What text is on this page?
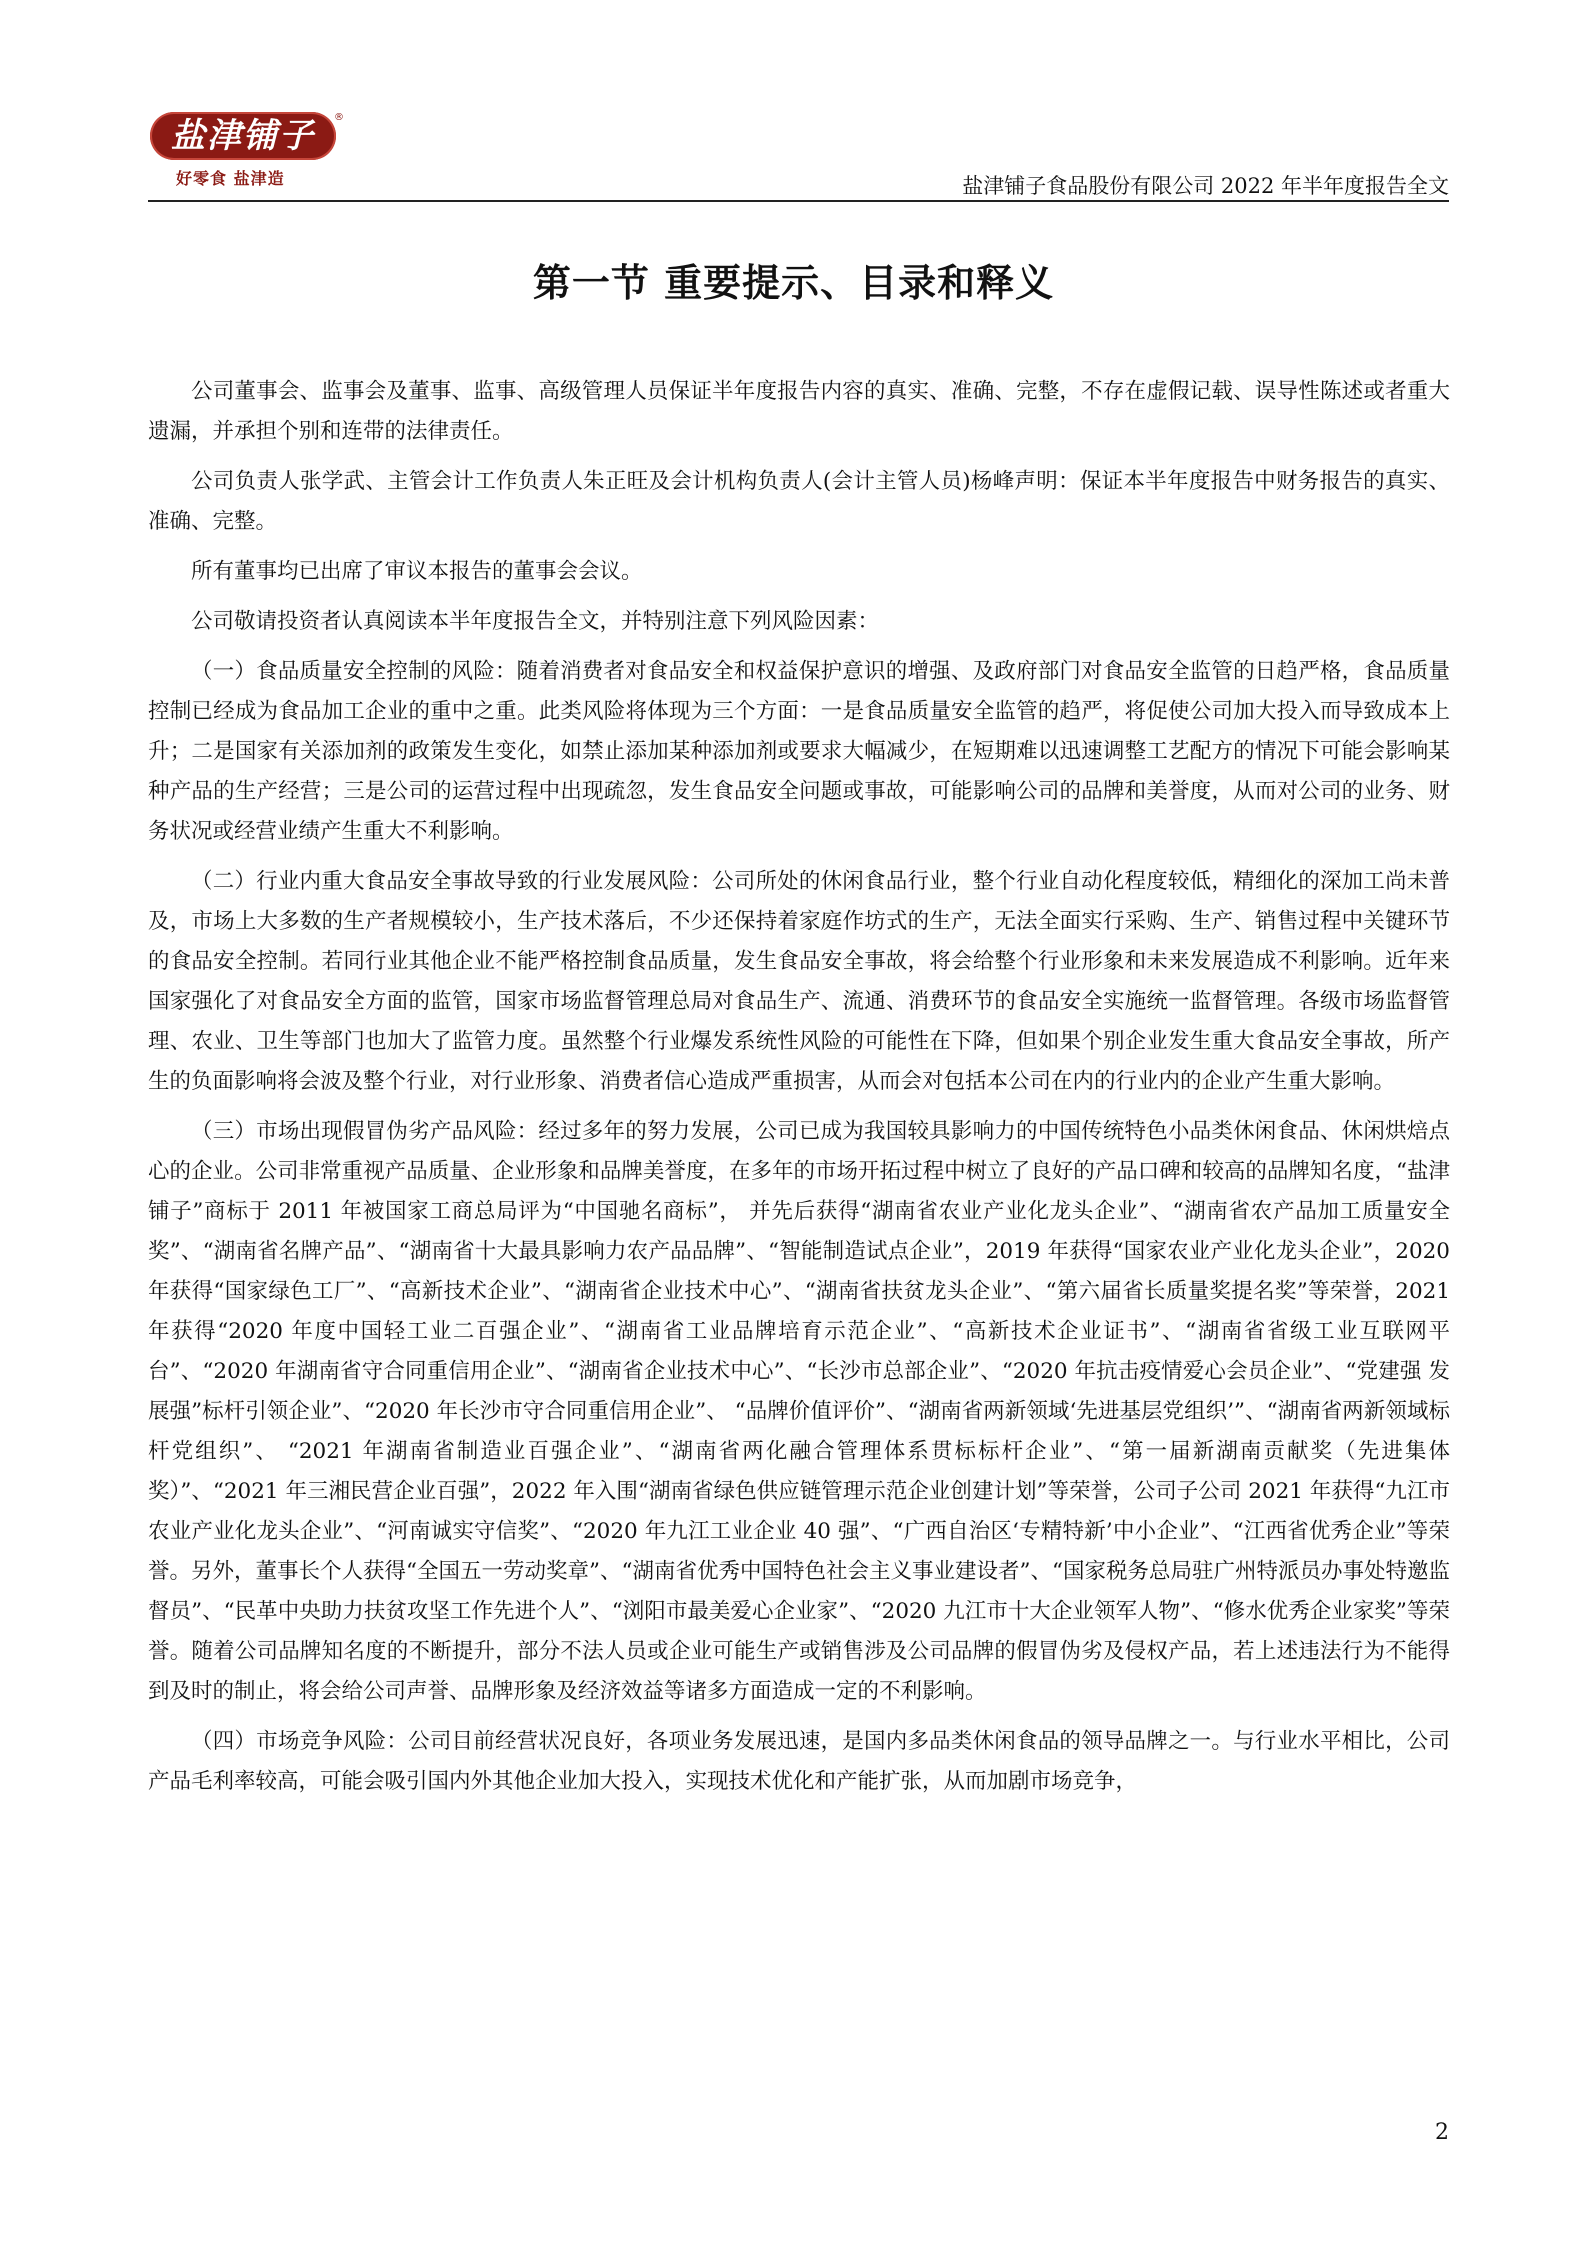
盐津铺子	®
好零食 盐津造	盐津铺子食品股份有限公司 2022 年半年度报告全文
第一节 重要提示、目录和释义

公司董事会、监事会及董事、监事、高级管理人员保证半年度报告内容的真实、准确、完整，不存在虚假记载、误导性陈述或者重大遗漏，并承担个别和连带的法律责任。

公司负责人张学武、主管会计工作负责人朱正旺及会计机构负责人(会计主管人员)杨峰声明：保证本半年度报告中财务报告的真实、准确、完整。

所有董事均已出席了审议本报告的董事会会议。

公司敬请投资者认真阅读本半年度报告全文，并特别注意下列风险因素：

（一）食品质量安全控制的风险：随着消费者对食品安全和权益保护意识的增强、及政府部门对食品安全监管的日趋严格，食品质量控制已经成为食品加工企业的重中之重。此类风险将体现为三个方面：一是食品质量安全监管的趋严，将促使公司加大投入而导致成本上升；二是国家有关添加剂的政策发生变化，如禁止添加某种添加剂或要求大幅减少，在短期难以迅速调整工艺配方的情况下可能会影响某种产品的生产经营；三是公司的运营过程中出现疏忽，发生食品安全问题或事故，可能影响公司的品牌和美誉度，从而对公司的业务、财务状况或经营业绩产生重大不利影响。

（二）行业内重大食品安全事故导致的行业发展风险：公司所处的休闲食品行业，整个行业自动化程度较低，精细化的深加工尚未普及，市场上大多数的生产者规模较小，生产技术落后，不少还保持着家庭作坊式的生产，无法全面实行采购、生产、销售过程中关键环节的食品安全控制。若同行业其他企业不能严格控制食品质量，发生食品安全事故，将会给整个行业形象和未来发展造成不利影响。近年来国家强化了对食品安全方面的监管，国家市场监督管理总局对食品生产、流通、消费环节的食品安全实施统一监督管理。各级市场监督管理、农业、卫生等部门也加大了监管力度。虽然整个行业爆发系统性风险的可能性在下降，但如果个别企业发生重大食品安全事故，所产生的负面影响将会波及整个行业，对行业形象、消费者信心造成严重损害，从而会对包括本公司在内的行业内的企业产生重大影响。

（三）市场出现假冒伪劣产品风险：经过多年的努力发展，公司已成为我国较具影响力的中国传统特色小品类休闲食品、休闲烘焙点心的企业。公司非常重视产品质量、企业形象和品牌美誉度，在多年的市场开拓过程中树立了良好的产品口碑和较高的品牌知名度，“盐津铺子”商标于 2011 年被国家工商总局评为“中国驰名商标”， 并先后获得“湖南省农业产业化龙头企业”、“湖南省农产品加工质量安全奖”、“湖南省名牌产品”、“湖南省十大最具影响力农产品品牌”、“智能制造试点企业”，2019 年获得“国家农业产业化龙头企业”，2020 年获得“国家绿色工厂”、“高新技术企业”、“湖南省企业技术中心”、“湖南省扶贫龙头企业”、“第六届省长质量奖提名奖”等荣誉，2021 年获得“2020 年度中国轻工业二百强企业”、“湖南省工业品牌培育示范企业”、“高新技术企业证书”、“湖南省省级工业互联网平台”、“2020 年湖南省守合同重信用企业”、“湖南省企业技术中心”、“长沙市总部企业”、“2020 年抗击疫情爱心会员企业”、“党建强 发展强”标杆引领企业”、“2020 年长沙市守合同重信用企业”、 “品牌价值评价”、“湖南省两新领域‘先进基层党组织’”、“湖南省两新领域标杆党组织”、 “2021 年湖南省制造业百强企业”、“湖南省两化融合管理体系贯标标杆企业”、“第一届新湖南贡献奖（先进集体奖）”、“2021 年三湘民营企业百强”，2022 年入围“湖南省绿色供应链管理示范企业创建计划”等荣誉，公司子公司 2021 年获得“九江市农业产业化龙头企业”、“河南诚实守信奖”、“2020 年九江工业企业 40 强”、“广西自治区‘专精特新’中小企业”、“江西省优秀企业”等荣誉。另外，董事长个人获得“全国五一劳动奖章”、“湖南省优秀中国特色社会主义事业建设者”、“国家税务总局驻广州特派员办事处特邀监督员”、“民革中央助力扶贫攻坚工作先进个人”、“浏阳市最美爱心企业家”、“2020 九江市十大企业领军人物”、“修水优秀企业家奖”等荣誉。随着公司品牌知名度的不断提升，部分不法人员或企业可能生产或销售涉及公司品牌的假冒伪劣及侵权产品，若上述违法行为不能得到及时的制止，将会给公司声誉、品牌形象及经济效益等诸多方面造成一定的不利影响。

（四）市场竞争风险：公司目前经营状况良好，各项业务发展迅速，是国内多品类休闲食品的领导品牌之一。与行业水平相比，公司产品毛利率较高，可能会吸引国内外其他企业加大投入，实现技术优化和产能扩张，从而加剧市场竞争，

2
